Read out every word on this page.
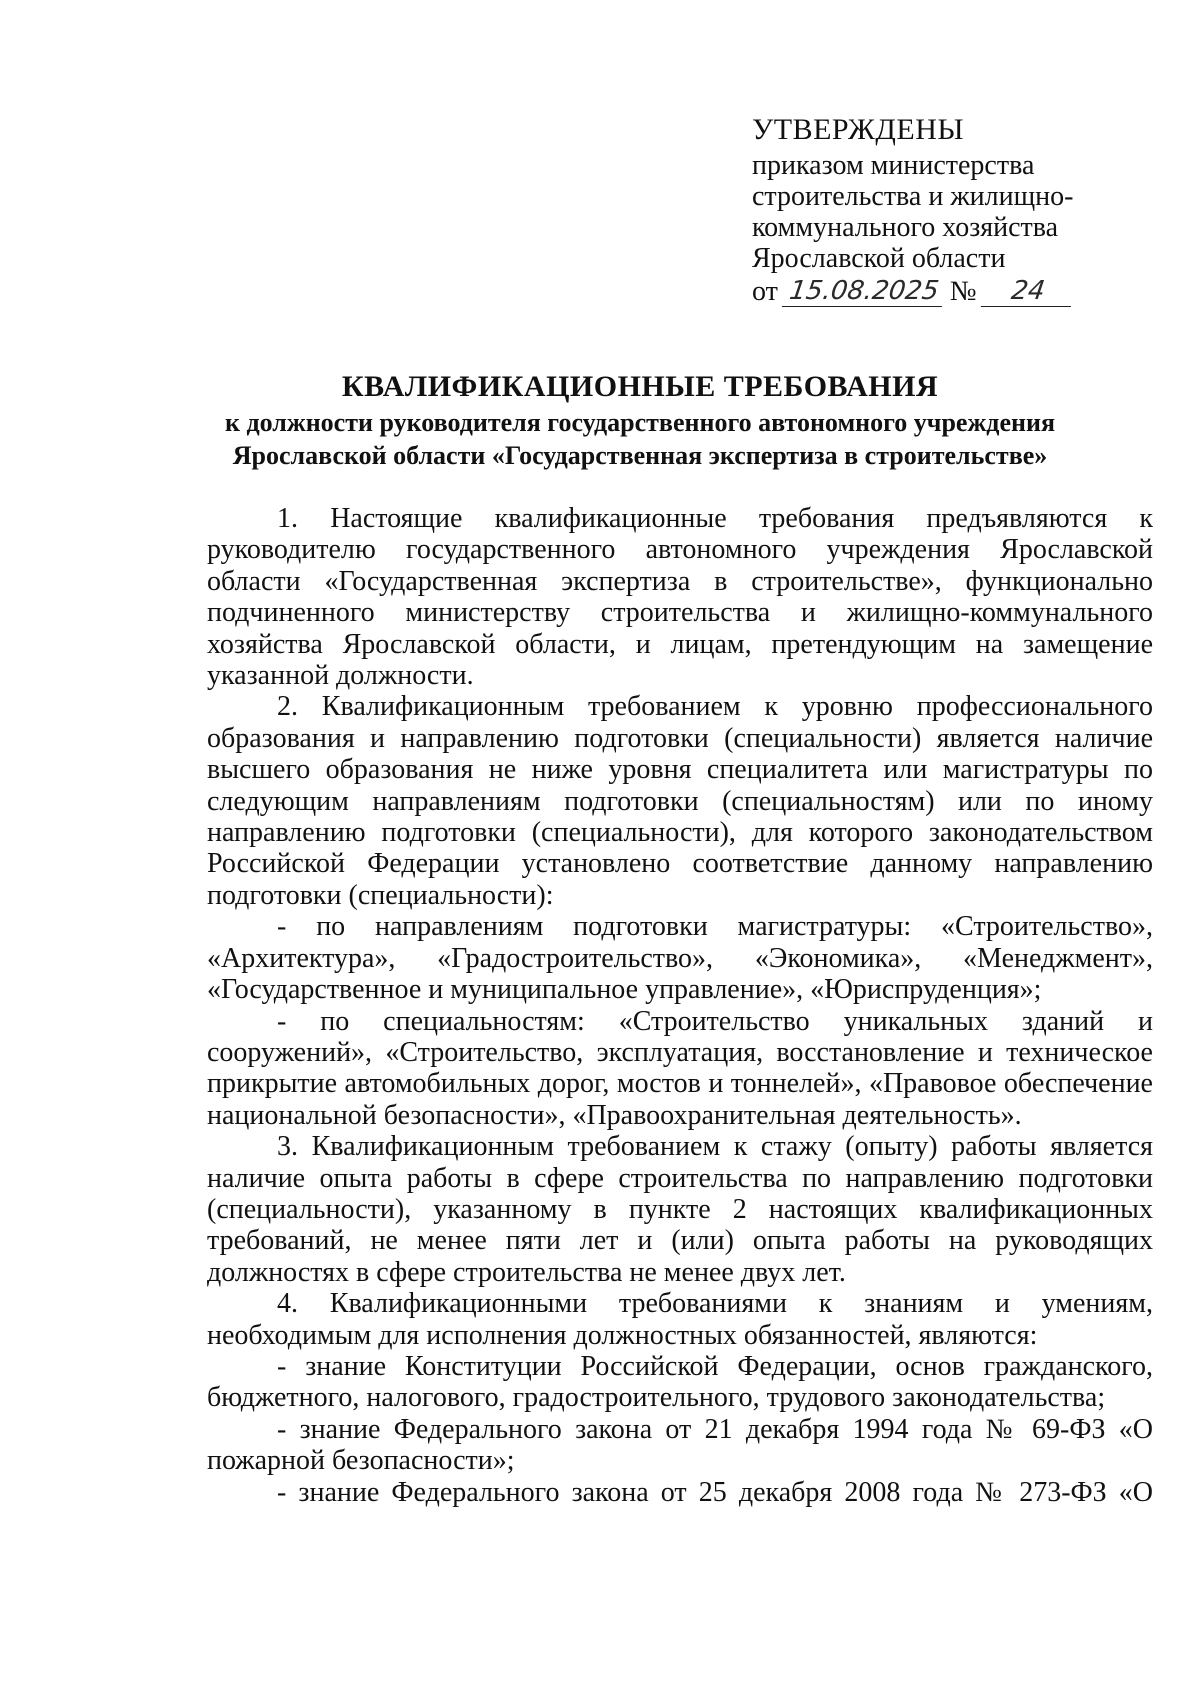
УТВЕРЖДЕНЫ
приказом министерства
строительства и жилищно-
коммунального хозяйства
Ярославской области
от 15.08.2025 №	24
КВАЛИФИКАЦИОННЫЕ ТРЕБОВАНИЯ
к должности руководителя государственного автономного учреждения
Ярославской области «Государственная экспертиза в строительстве»

1. Настоящие квалификационные требования предъявляются к руководителю государственного автономного учреждения Ярославской области «Государственная экспертиза в строительстве», функционально подчиненного министерству строительства и жилищно-коммунального хозяйства Ярославской области, и лицам, претендующим на замещение указанной должности.

2. Квалификационным требованием к уровню профессионального образования и направлению подготовки (специальности) является наличие высшего образования не ниже уровня специалитета или магистратуры по следующим направлениям подготовки (специальностям) или по иному направлению подготовки (специальности), для которого законодательством Российской Федерации установлено соответствие данному направлению подготовки (специальности):

- по направлениям подготовки магистратуры: «Строительство», «Архитектура», «Градостроительство», «Экономика», «Менеджмент», «Государственное и муниципальное управление», «Юриспруденция»;

- по специальностям: «Строительство уникальных зданий и сооружений», «Строительство, эксплуатация, восстановление и техническое прикрытие автомобильных дорог, мостов и тоннелей», «Правовое обеспечение национальной безопасности», «Правоохранительная деятельность».

3. Квалификационным требованием к стажу (опыту) работы является наличие опыта работы в сфере строительства по направлению подготовки (специальности), указанному в пункте 2 настоящих квалификационных требований, не менее пяти лет и (или) опыта работы на руководящих должностях в сфере строительства не менее двух лет.

4. Квалификационными требованиями к знаниям и умениям, необходимым для исполнения должностных обязанностей, являются:

- знание Конституции Российской Федерации, основ гражданского, бюджетного, налогового, градостроительного, трудового законодательства;

- знание Федерального закона от 21 декабря 1994 года № 69-ФЗ «О пожарной безопасности»;

- знание Федерального закона от 25 декабря 2008 года № 273-ФЗ «О
